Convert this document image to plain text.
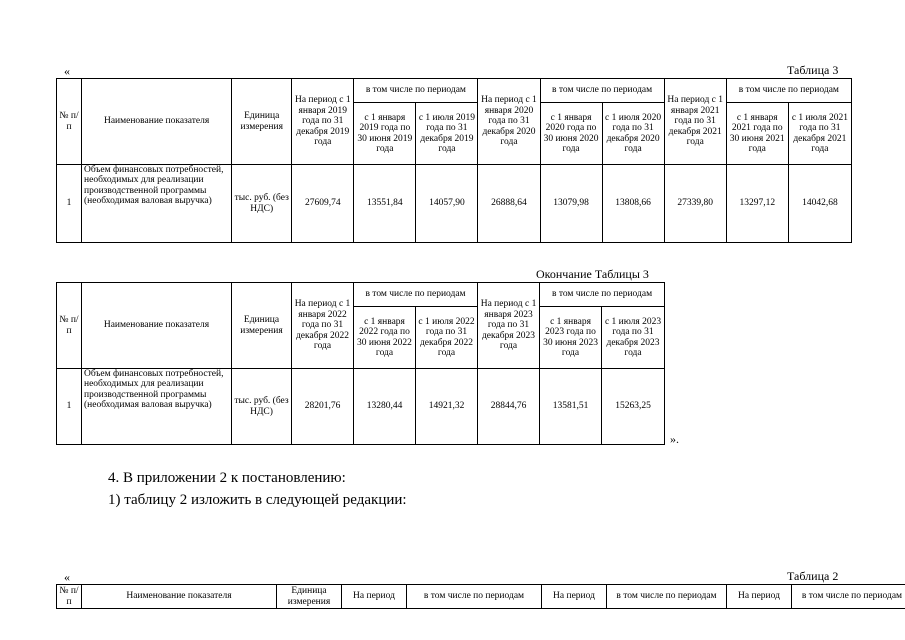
«	Таблица 3
№ п/п	Наименование показателя	Единица измерения	На период с 1 января 2019 года по 31 декабря 2019 года	в том числе по периодам		На период с 1 января 2020 года по 31 декабря 2020 года	в том числе по периодам		На период с 1 января 2021 года по 31 декабря 2021 года	в том числе по периодам	
				с 1 января 2019 года по 30 июня 2019 года	с 1 июля 2019 года по 31 декабря 2019 года		с 1 января 2020 года по 30 июня 2020 года	с 1 июля 2020 года по 31 декабря 2020 года		с 1 января 2021 года по 30 июня 2021 года	с 1 июля 2021 года по 31 декабря 2021 года
1	Объем финансовых потребностей, необходимых для реализации производственной программы (необходимая валовая выручка)	тыс. руб. (без НДС)	27609,74	13551,84	14057,90	26888,64	13079,98	13808,66	27339,80	13297,12	14042,68
Окончание Таблицы 3
№ п/п	Наименование показателя	Единица измерения	На период с 1 января 2022 года по 31 декабря 2022 года	в том числе по периодам		На период с 1 января 2023 года по 31 декабря 2023 года	в том числе по периодам	
				с 1 января 2022 года по 30 июня 2022 года	с 1 июля 2022 года по 31 декабря 2022 года		с 1 января 2023 года по 30 июня 2023 года	с 1 июля 2023 года по 31 декабря 2023 года
1	Объем финансовых потребностей, необходимых для реализации производственной программы (необходимая валовая выручка)	тыс. руб. (без НДС)	28201,76	13280,44	14921,32	28844,76	13581,51	15263,25
».
4. В приложении 2 к постановлению:
1) таблицу 2 изложить в следующей редакции:
«	Таблица 2
№ п/п	Наименование показателя	Единица измерения	На период	в том числе по периодам	На период	в том числе по периодам	На период	в том числе по периодам
